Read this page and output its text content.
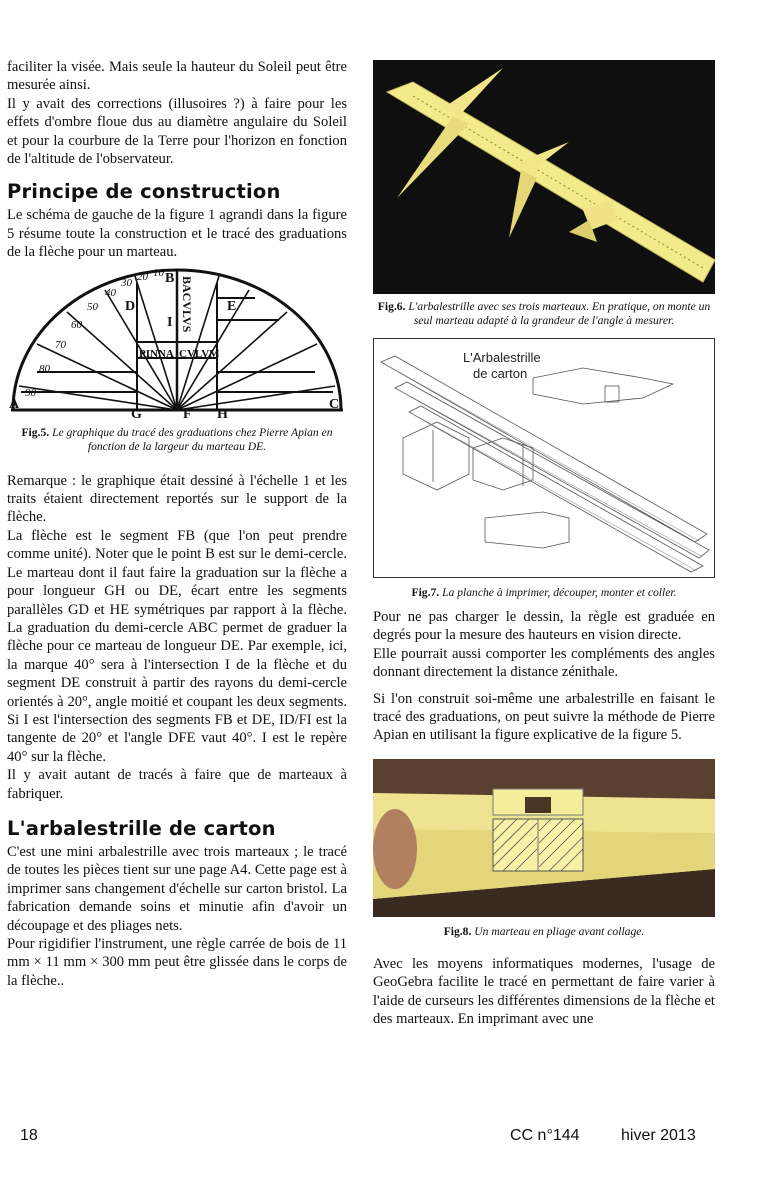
faciliter la visée. Mais seule la hauteur du Soleil peut être mesurée ainsi.

Il y avait des corrections (illusoires ?) à faire pour les effets d'ombre floue dus au diamètre angulaire du Soleil et pour la courbure de la Terre pour l'horizon en fonction de l'altitude de l'observateur.

Principe de construction

Le schéma de gauche de la figure 1 agrandi dans la figure 5 résume toute la construction et le tracé des graduations de la flèche pour un marteau.

PINNA CVLVM
BACVLVS
A
B
C
D	E
F
G	H
I
90
80
70
60
50
40
30 20 10
Fig.5. Le graphique du tracé des graduations chez Pierre Apian en fonction de la largeur du marteau DE.

Remarque : le graphique était dessiné à l'échelle 1 et les traits étaient directement reportés sur le support de la flèche.

La flèche est le segment FB (que l'on peut prendre comme unité). Noter que le point B est sur le demi-cercle. Le marteau dont il faut faire la graduation sur la flèche a pour longueur GH ou DE, écart entre les segments parallèles GD et HE symétriques par rapport à la flèche. La graduation du demi-cercle ABC permet de graduer la flèche pour ce marteau de longueur DE. Par exemple, ici, la marque 40° sera à l'intersection I de la flèche et du segment DE construit à partir des rayons du demi-cercle orientés à 20°, angle moitié et coupant les deux segments. Si I est l'intersection des segments FB et DE, ID/FI est la tangente de 20° et l'angle DFE vaut 40°. I est le repère 40° sur la flèche.

Il y avait autant de tracés à faire que de marteaux à fabriquer.

L'arbalestrille de carton

C'est une mini arbalestrille avec trois marteaux ; le tracé de toutes les pièces tient sur une page A4. Cette page est à imprimer sans changement d'échelle sur carton bristol. La fabrication demande soins et minutie afin d'avoir un découpage et des pliages nets.

Pour rigidifier l'instrument, une règle carrée de bois de 11 mm × 11 mm × 300 mm peut être glissée dans le corps de la flèche..

Fig.6. L'arbalestrille avec ses trois marteaux. En pratique, on monte un seul marteau adapté à la grandeur de l'angle à mesurer.
L'Arbalestrille
de carton
Fig.7. La planche à imprimer, découper, monter et coller.

Pour ne pas charger le dessin, la règle est graduée en degrés pour la mesure des hauteurs en vision directe.

Elle pourrait aussi comporter les compléments des angles donnant directement la distance zénithale.

Si l'on construit soi-même une arbalestrille en faisant le tracé des graduations, on peut suivre la méthode de Pierre Apian en utilisant la figure explicative de la figure 5.

Fig.8. Un marteau en pliage avant collage.

Avec les moyens informatiques modernes, l'usage de GeoGebra facilite le tracé en permettant de faire varier à l'aide de curseurs les différentes dimensions de la flèche et des marteaux. En imprimant avec une

18	CC n°144	hiver 2013
